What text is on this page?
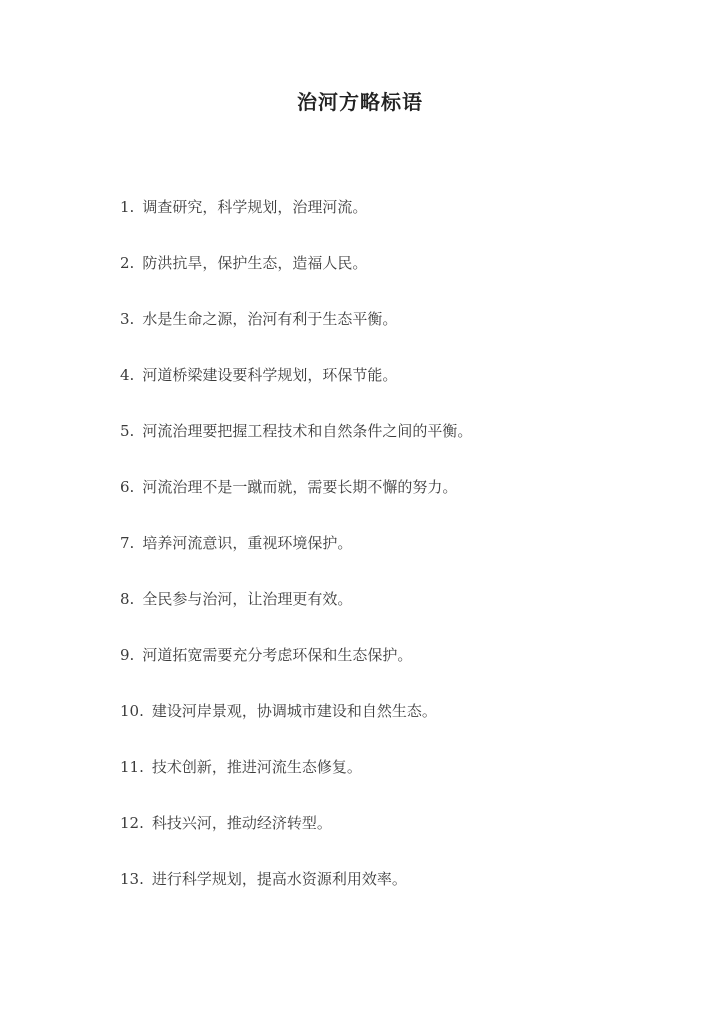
治河方略标语
1. 调查研究，科学规划，治理河流。
2. 防洪抗旱，保护生态，造福人民。
3. 水是生命之源，治河有利于生态平衡。
4. 河道桥梁建设要科学规划，环保节能。
5. 河流治理要把握工程技术和自然条件之间的平衡。
6. 河流治理不是一蹴而就，需要长期不懈的努力。
7. 培养河流意识，重视环境保护。
8. 全民参与治河，让治理更有效。
9. 河道拓宽需要充分考虑环保和生态保护。
10. 建设河岸景观，协调城市建设和自然生态。
11. 技术创新，推进河流生态修复。
12. 科技兴河，推动经济转型。
13. 进行科学规划，提高水资源利用效率。
